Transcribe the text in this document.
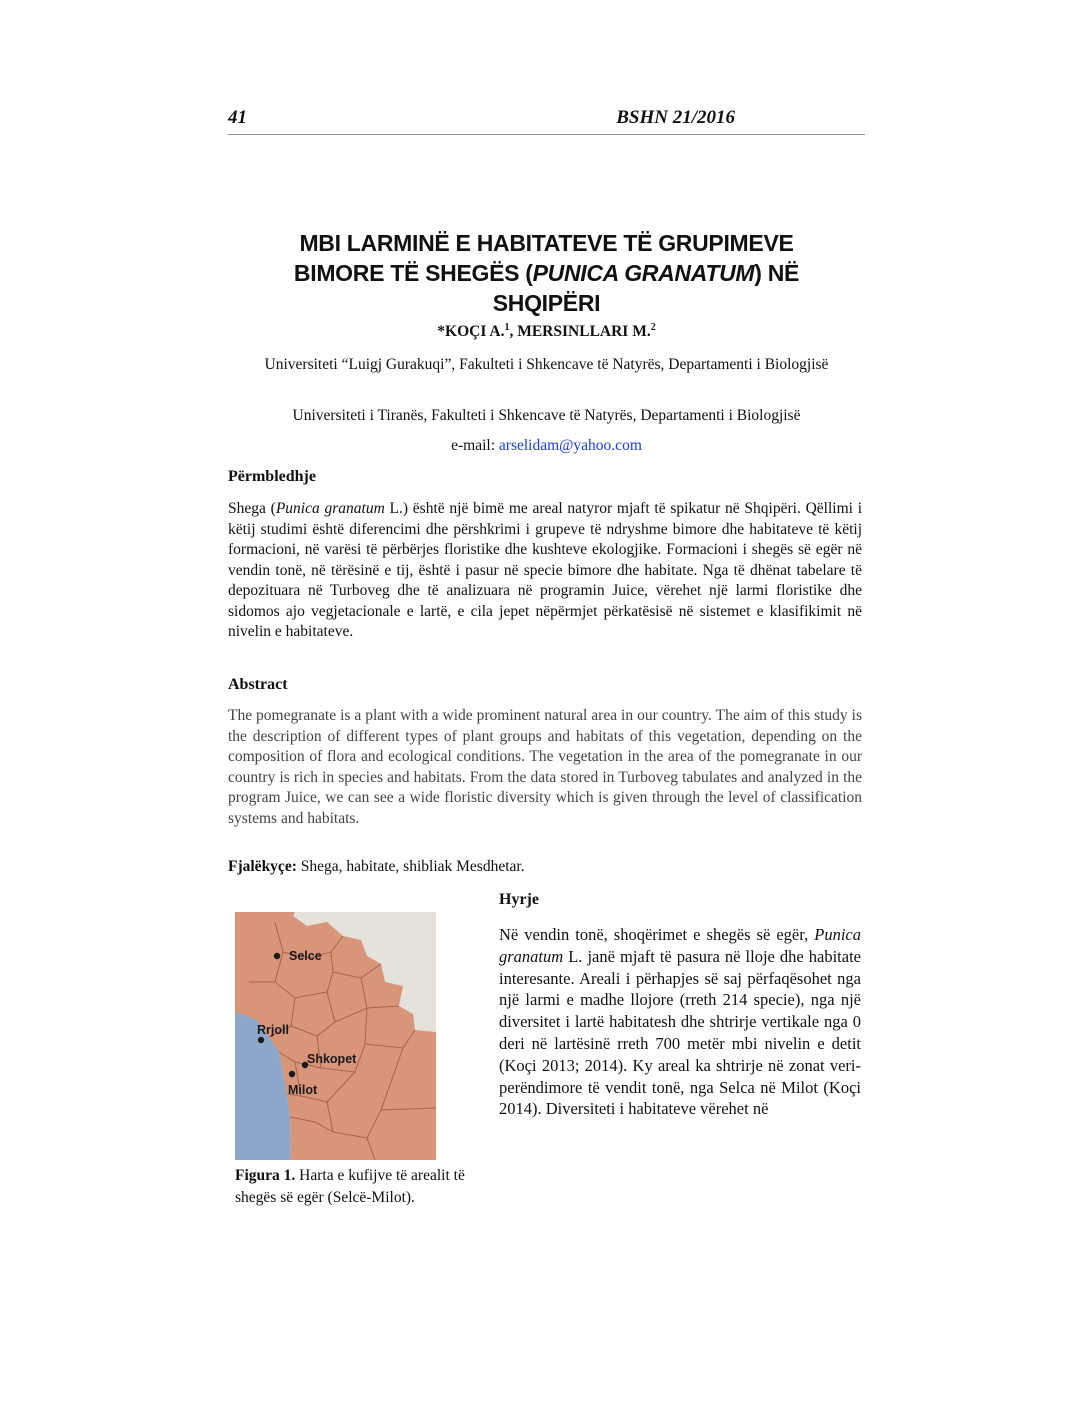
41	BSHN 21/2016
MBI LARMINË E HABITATEVE TË GRUPIMEVE
BIMORE TË SHEGËS (PUNICA GRANATUM) NË
SHQIPËRI
*KOÇI A.$^1$, MERSINLLARI M.$^2$
Universiteti “Luigj Gurakuqi”, Fakulteti i Shkencave të Natyrës, Departamenti i Biologjisë
Universiteti i Tiranës, Fakulteti i Shkencave të Natyrës, Departamenti i Biologjisë
e-mail: arselidam@yahoo.com
Përmbledhje
Shega (Punica granatum L.) është një bimë me areal natyror mjaft të spikatur në Shqipëri. Qëllimi i këtij studimi është diferencimi dhe përshkrimi i grupeve të ndryshme bimore dhe habitateve të këtij formacioni, në varësi të përbërjes floristike dhe kushteve ekologjike. Formacioni i shegës së egër në vendin tonë, në tërësinë e tij, është i pasur në specie bimore dhe habitate. Nga të dhënat tabelare të depozituara në Turboveg dhe të analizuara në programin Juice, vërehet një larmi floristike dhe sidomos ajo vegjetacionale e lartë, e cila jepet nëpërmjet përkatësisë në sistemet e klasifikimit në nivelin e habitateve.
Abstract
The pomegranate is a plant with a wide prominent natural area in our country. The aim of this study is the description of different types of plant groups and habitats of this vegetation, depending on the composition of flora and ecological conditions. The vegetation in the area of the pomegranate in our country is rich in species and habitats. From the data stored in Turboveg tabulates and analyzed in the program Juice, we can see a wide floristic diversity which is given through the level of classification systems and habitats.
Fjalëkyçe: Shega, habitate, shibliak Mesdhetar.
Selce
Rrjoll
Shkopet
Milot
Figura 1. Harta e kufijve të arealit të shegës së egër (Selcë-Milot).
Hyrje
Në vendin tonë, shoqërimet e shegës së egër, Punica granatum L. janë mjaft të pasura në lloje dhe habitate interesante. Areali i përhapjes së saj përfaqësohet nga një larmi e madhe llojore (rreth 214 specie), nga një diversitet i lartë habitatesh dhe shtrirje vertikale nga 0 deri në lartësinë rreth 700 metër mbi nivelin e detit (Koçi 2013; 2014). Ky areal ka shtrirje në zonat veri-perëndimore të vendit tonë, nga Selca në Milot (Koçi 2014). Diversiteti i habitateve vërehet në
